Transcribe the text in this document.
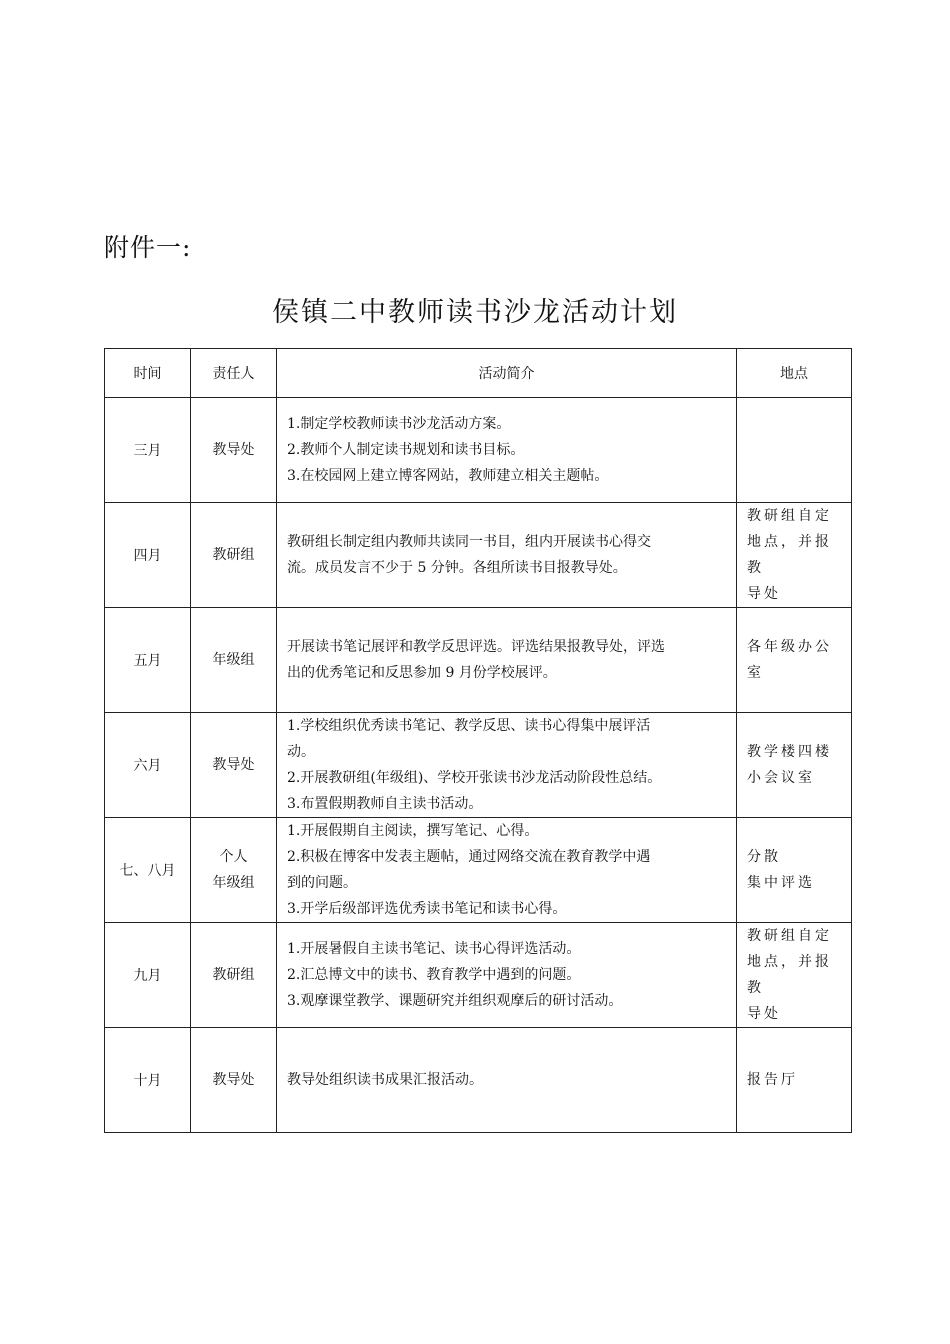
附件一:
侯镇二中教师读书沙龙活动计划
时间	责任人	活动简介	地点
三月	教导处	1.制定学校教师读书沙龙活动方案。
2.教师个人制定读书规划和读书目标。
3.在校园网上建立博客网站，教师建立相关主题帖。	

四月	教研组	教研组长制定组内教师共读同一书目，组内开展读书心得交
流。成员发言不少于 5 分钟。各组所读书目报教导处。	教研组自定
地点，并报教
导处

五月	年级组	开展读书笔记展评和教学反思评选。评选结果报教导处，评选
出的优秀笔记和反思参加 9 月份学校展评。	各年级办公
室

六月	教导处	1.学校组织优秀读书笔记、教学反思、读书心得集中展评活
动。
2.开展教研组(年级组)、学校开张读书沙龙活动阶段性总结。
3.布置假期教师自主读书活动。	教学楼四楼
小会议室

七、八月	个人
年级组	1.开展假期自主阅读，撰写笔记、心得。
2.积极在博客中发表主题帖，通过网络交流在教育教学中遇
到的问题。
3.开学后级部评选优秀读书笔记和读书心得。	分散
集中评选

九月	教研组	1.开展暑假自主读书笔记、读书心得评选活动。
2.汇总博文中的读书、教育教学中遇到的问题。
3.观摩课堂教学、课题研究并组织观摩后的研讨活动。	教研组自定
地点，并报教
导处

十月	教导处	教导处组织读书成果汇报活动。	报告厅
